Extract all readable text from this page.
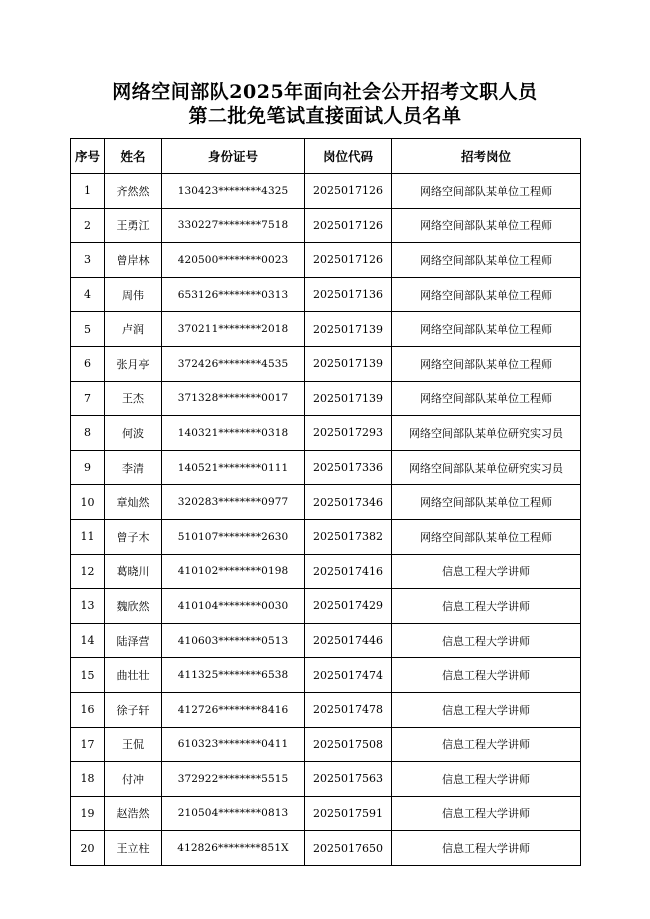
网络空间部队2025年面向社会公开招考文职人员
第二批免笔试直接面试人员名单
序号	姓名	身份证号	岗位代码	招考岗位
1	齐然然	130423********4325	2025017126	网络空间部队某单位工程师
2	王勇江	330227********7518	2025017126	网络空间部队某单位工程师
3	曾岸林	420500********0023	2025017126	网络空间部队某单位工程师
4	周伟	653126********0313	2025017136	网络空间部队某单位工程师
5	卢润	370211********2018	2025017139	网络空间部队某单位工程师
6	张月亭	372426********4535	2025017139	网络空间部队某单位工程师
7	王杰	371328********0017	2025017139	网络空间部队某单位工程师
8	何波	140321********0318	2025017293	网络空间部队某单位研究实习员
9	李清	140521********0111	2025017336	网络空间部队某单位研究实习员
10	章灿然	320283********0977	2025017346	网络空间部队某单位工程师
11	曾子木	510107********2630	2025017382	网络空间部队某单位工程师
12	葛晓川	410102********0198	2025017416	信息工程大学讲师
13	魏欣然	410104********0030	2025017429	信息工程大学讲师
14	陆泽营	410603********0513	2025017446	信息工程大学讲师
15	曲壮壮	411325********6538	2025017474	信息工程大学讲师
16	徐子轩	412726********8416	2025017478	信息工程大学讲师
17	王侃	610323********0411	2025017508	信息工程大学讲师
18	付冲	372922********5515	2025017563	信息工程大学讲师
19	赵浩然	210504********0813	2025017591	信息工程大学讲师
20	王立柱	412826********851X	2025017650	信息工程大学讲师
